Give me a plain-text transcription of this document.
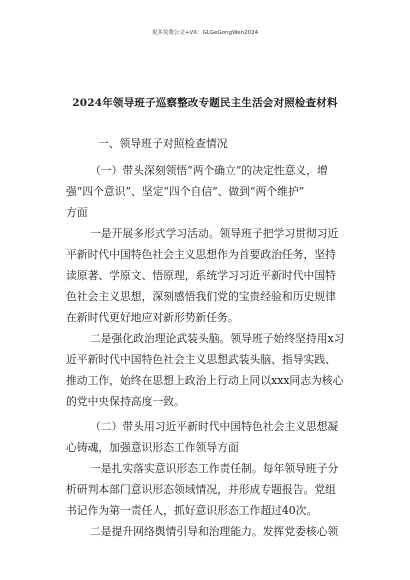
更多免费公文+VX：GLGeGongWen2024
2024年领导班子巡察整改专题民主生活会对照检查材料
一、领导班子对照检查情况
（一）带头深刻领悟“两个确立”的决定性意义，增
强“四个意识”、坚定“四个自信”、做到“两个维护”
方面
一是开展多形式学习活动。领导班子把学习贯彻习近
平新时代中国特色社会主义思想作为首要政治任务，坚持
读原著、学原文、悟原理，系统学习习近平新时代中国特
色社会主义思想，深刻感悟我们党的宝贵经验和历史规律
在新时代更好地应对新形势新任务。
二是强化政治理论武装头脑。领导班子始终坚持用x习
近平新时代中国特色社会主义思想武装头脑、指导实践、
推动工作，始终在思想上政治上行动上同以xxx同志为核心
的党中央保持高度一致。
（二）带头用习近平新时代中国特色社会主义思想凝
心铸魂，加强意识形态工作领导方面
一是扎实落实意识形态工作责任制。每年领导班子分
析研判本部门意识形态领域情况，并形成专题报告。党组
书记作为第一责任人，抓好意识形态工作超过40次。
二是提升网络舆情引导和治理能力。发挥党委核心领
